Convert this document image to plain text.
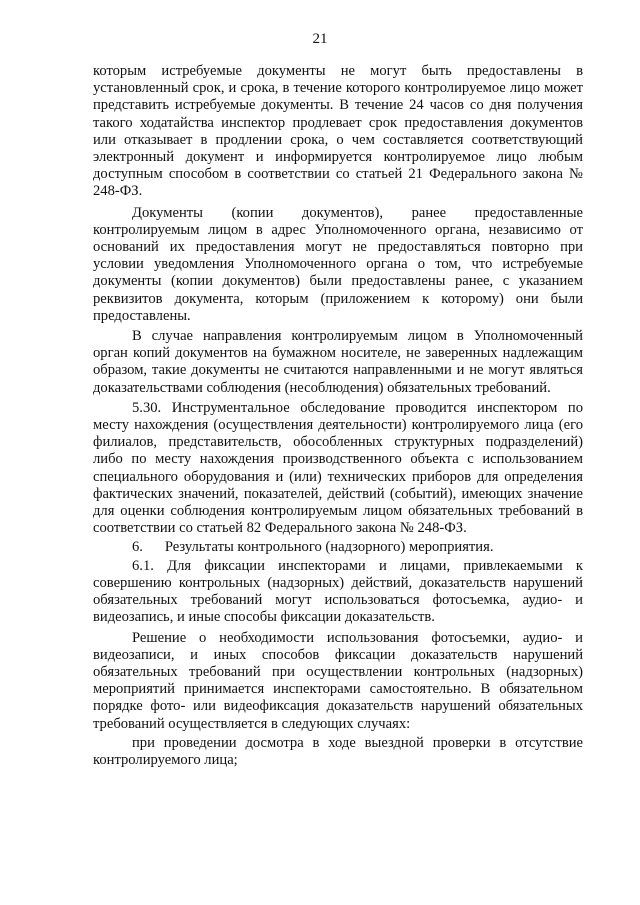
21

которым истребуемые документы не могут быть предоставлены в установленный срок, и срока, в течение которого контролируемое лицо может представить истребуемые документы. В течение 24 часов со дня получения такого ходатайства инспектор продлевает срок предоставления документов или отказывает в продлении срока, о чем составляется соответствующий электронный документ и информируется контролируемое лицо любым доступным способом в соответствии со статьей 21 Федерального закона № 248-ФЗ.

Документы (копии документов), ранее предоставленные контролируемым лицом в адрес Уполномоченного органа, независимо от оснований их предоставления могут не предоставляться повторно при условии уведомления Уполномоченного органа о том, что истребуемые документы (копии документов) были предоставлены ранее, с указанием реквизитов документа, которым (приложением к которому) они были предоставлены.

В случае направления контролируемым лицом в Уполномоченный орган копий документов на бумажном носителе, не заверенных надлежащим образом, такие документы не считаются направленными и не могут являться доказательствами соблюдения (несоблюдения) обязательных требований.

5.30. Инструментальное обследование проводится инспектором по месту нахождения (осуществления деятельности) контролируемого лица (его филиалов, представительств, обособленных структурных подразделений) либо по месту нахождения производственного объекта с использованием специального оборудования и (или) технических приборов для определения фактических значений, показателей, действий (событий), имеющих значение для оценки соблюдения контролируемым лицом обязательных требований в соответствии со статьей 82 Федерального закона № 248-ФЗ.

6.      Результаты контрольного (надзорного) мероприятия.

6.1. Для фиксации инспекторами и лицами, привлекаемыми к совершению контрольных (надзорных) действий, доказательств нарушений обязательных требований могут использоваться фотосъемка, аудио- и видеозапись, и иные способы фиксации доказательств.

Решение о необходимости использования фотосъемки, аудио- и видеозаписи, и иных способов фиксации доказательств нарушений обязательных требований при осуществлении контрольных (надзорных) мероприятий принимается инспекторами самостоятельно. В обязательном порядке фото- или видеофиксация доказательств нарушений обязательных требований осуществляется в следующих случаях:

при проведении досмотра в ходе выездной проверки в отсутствие контролируемого лица;
